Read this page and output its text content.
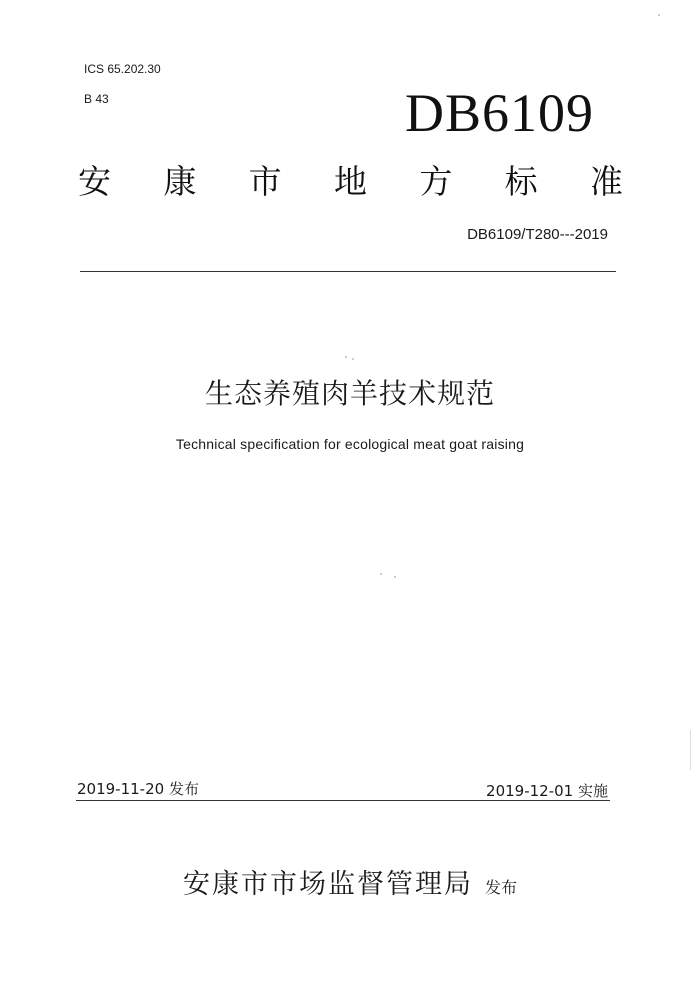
ICS 65.202.30
B 43	DB6109
安 康 市 地 方 标 准
DB6109/T280---2019
生态养殖肉羊技术规范
Technical specification for ecological meat goat raising
2019-11-20 发布	2019-12-01 实施
安康市市场监督管理局 发布
